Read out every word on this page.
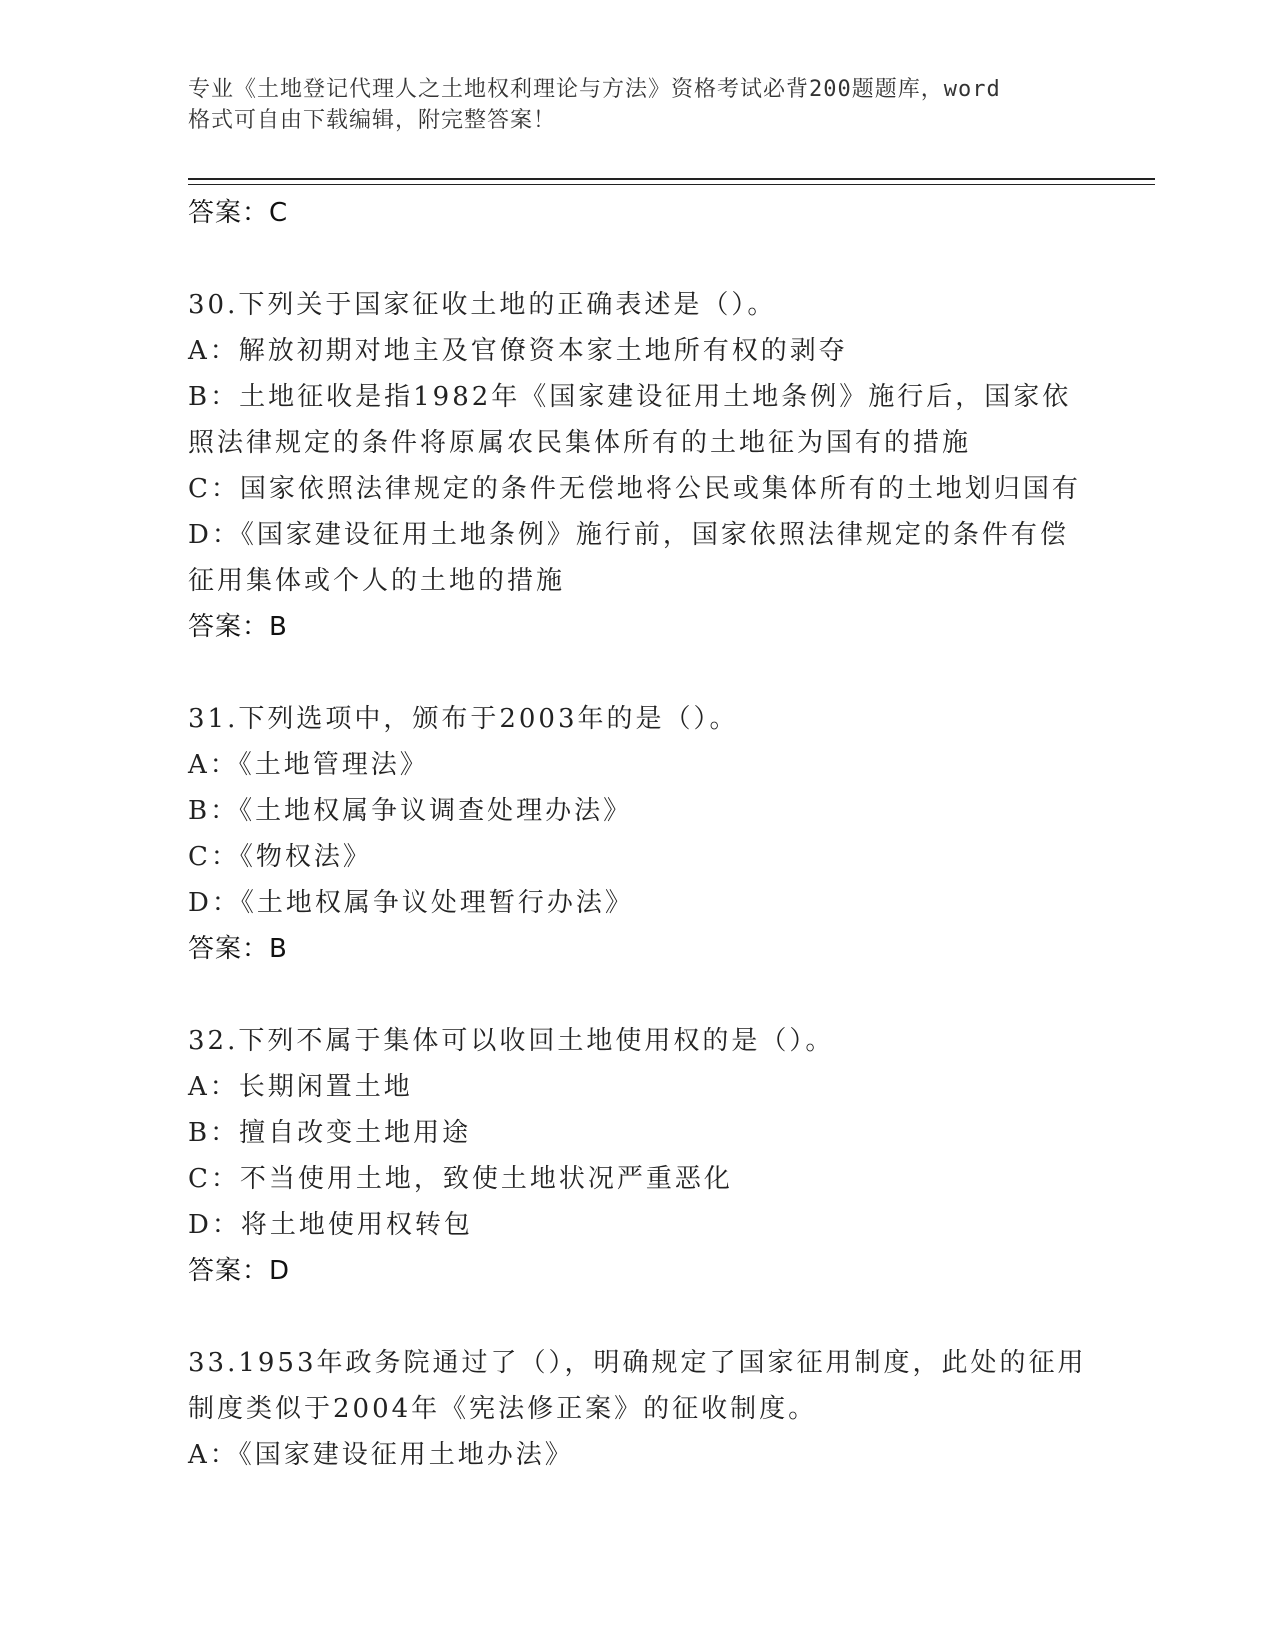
专业《土地登记代理人之土地权利理论与方法》资格考试必背200题题库，word
格式可自由下载编辑，附完整答案！
答案：C
30.下列关于国家征收土地的正确表述是（）。
A：解放初期对地主及官僚资本家土地所有权的剥夺
B：土地征收是指1982年《国家建设征用土地条例》施行后，国家依
照法律规定的条件将原属农民集体所有的土地征为国有的措施
C：国家依照法律规定的条件无偿地将公民或集体所有的土地划归国有
D：《国家建设征用土地条例》施行前，国家依照法律规定的条件有偿
征用集体或个人的土地的措施
答案：B
31.下列选项中，颁布于2003年的是（）。
A：《土地管理法》
B：《土地权属争议调查处理办法》
C：《物权法》
D：《土地权属争议处理暂行办法》
答案：B
32.下列不属于集体可以收回土地使用权的是（）。
A：长期闲置土地
B：擅自改变土地用途
C：不当使用土地，致使土地状况严重恶化
D：将土地使用权转包
答案：D
33.1953年政务院通过了（），明确规定了国家征用制度，此处的征用
制度类似于2004年《宪法修正案》的征收制度。
A：《国家建设征用土地办法》
